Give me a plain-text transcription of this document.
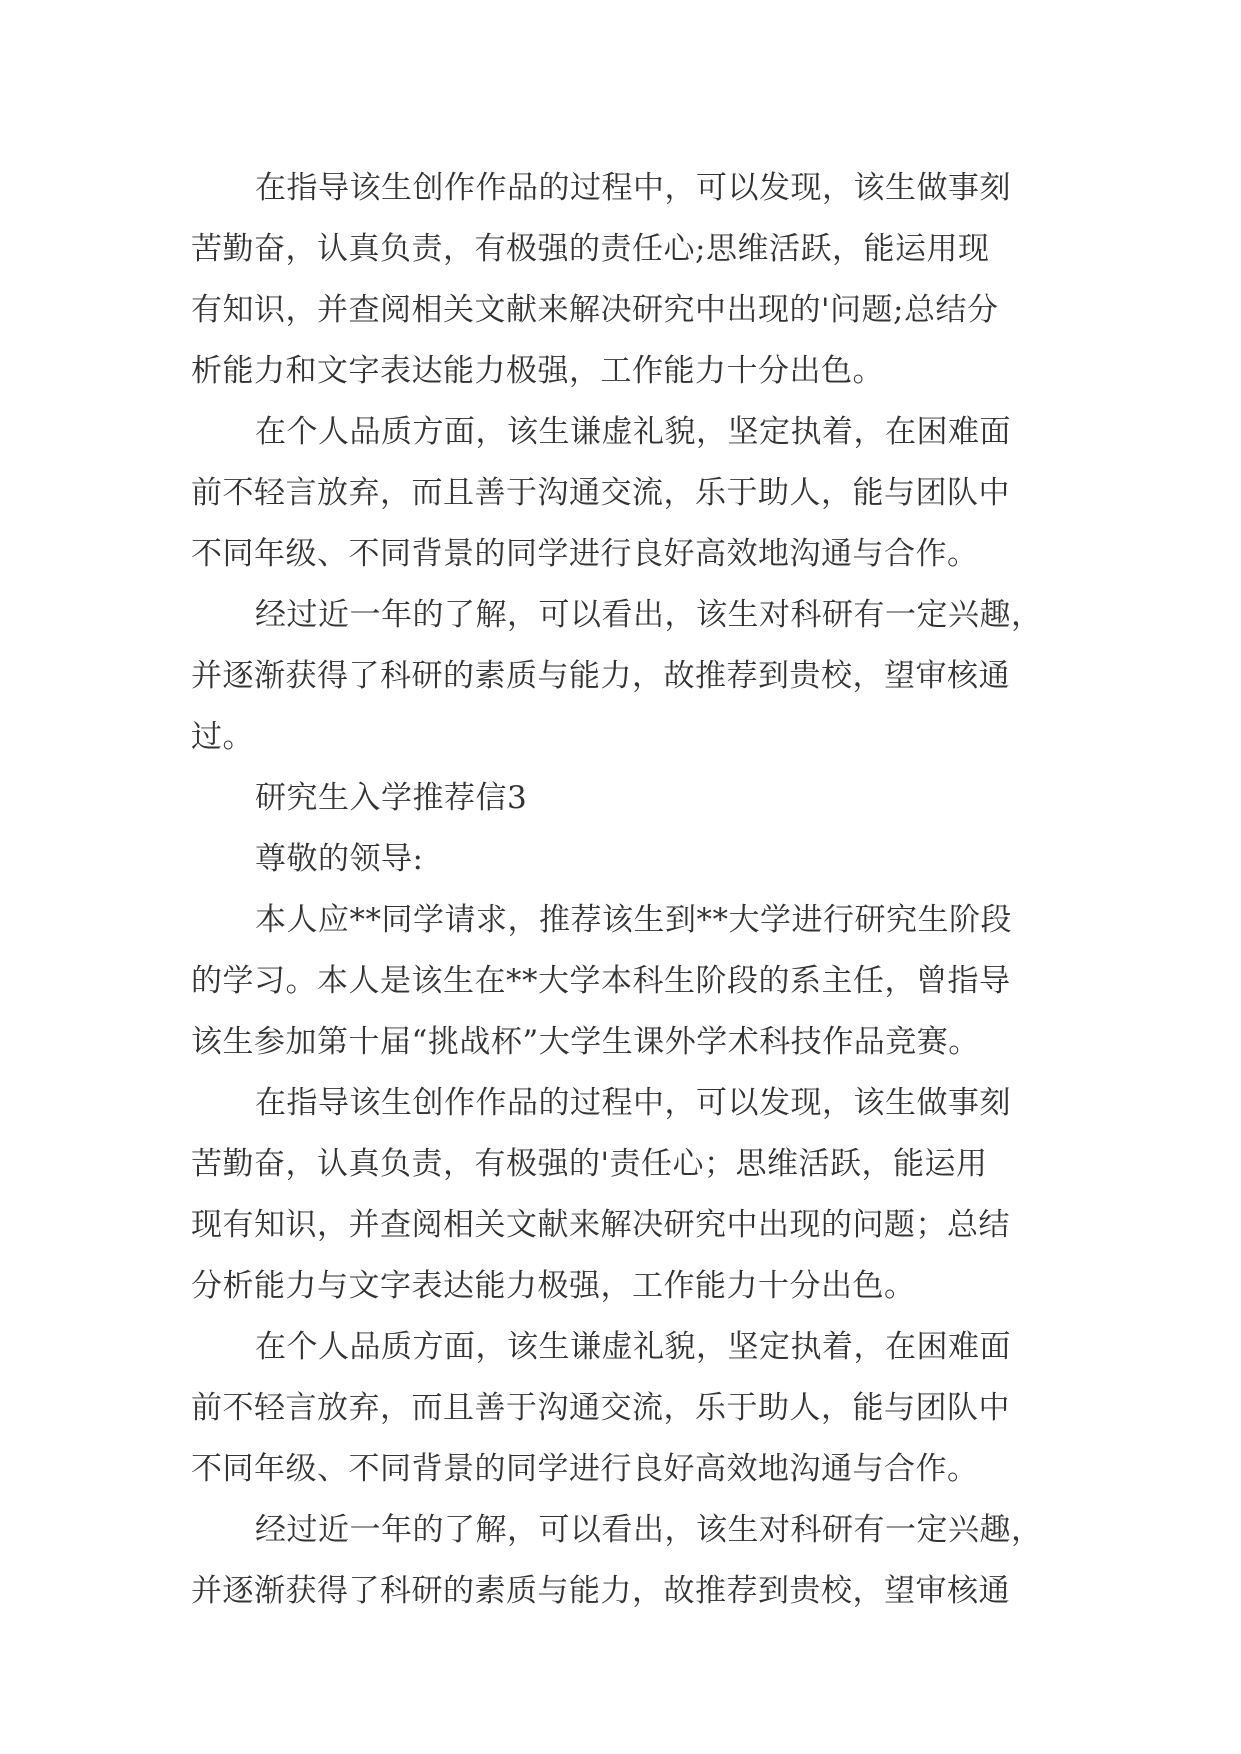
在指导该生创作作品的过程中，可以发现，该生做事刻
苦勤奋，认真负责，有极强的责任心;思维活跃，能运用现
有知识，并查阅相关文献来解决研究中出现的'问题;总结分
析能力和文字表达能力极强，工作能力十分出色。
在个人品质方面，该生谦虚礼貌，坚定执着，在困难面
前不轻言放弃，而且善于沟通交流，乐于助人，能与团队中
不同年级、不同背景的同学进行良好高效地沟通与合作。
经过近一年的了解，可以看出，该生对科研有一定兴趣，
并逐渐获得了科研的素质与能力，故推荐到贵校，望审核通
过。
研究生入学推荐信3
尊敬的领导:
本人应**同学请求，推荐该生到**大学进行研究生阶段
的学习。本人是该生在**大学本科生阶段的系主任，曾指导
该生参加第十届“挑战杯”大学生课外学术科技作品竞赛。
在指导该生创作作品的过程中，可以发现，该生做事刻
苦勤奋，认真负责，有极强的'责任心；思维活跃，能运用
现有知识，并查阅相关文献来解决研究中出现的问题；总结
分析能力与文字表达能力极强，工作能力十分出色。
在个人品质方面，该生谦虚礼貌，坚定执着，在困难面
前不轻言放弃，而且善于沟通交流，乐于助人，能与团队中
不同年级、不同背景的同学进行良好高效地沟通与合作。
经过近一年的了解，可以看出，该生对科研有一定兴趣，
并逐渐获得了科研的素质与能力，故推荐到贵校，望审核通
